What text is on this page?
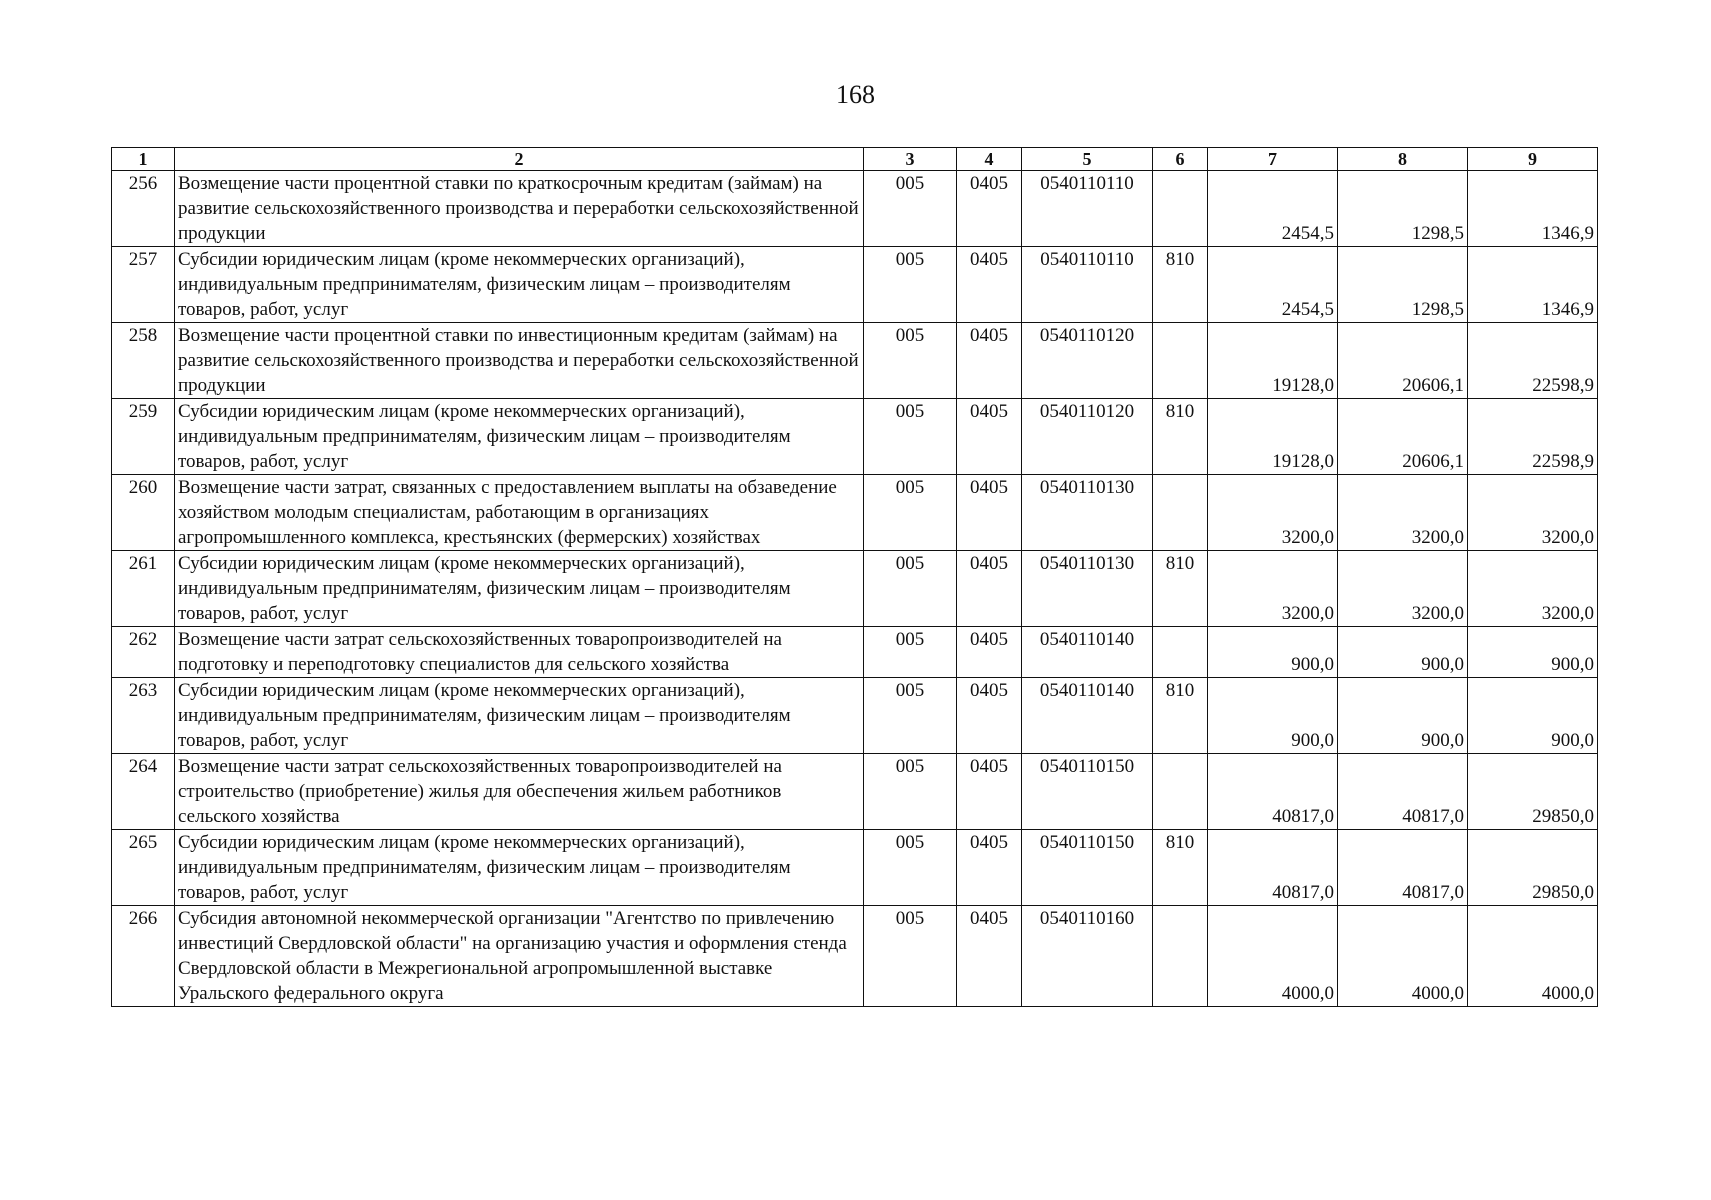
168
1	2	3	4	5	6	7	8	9
256	Возмещение части процентной ставки по краткосрочным кредитам (займам) на развитие сельскохозяйственного производства и переработки сельскохозяйственной продукции	005	0405	0540110110		2454,5	1298,5	1346,9
257	Субсидии юридическим лицам (кроме некоммерческих организаций), индивидуальным предпринимателям, физическим лицам – производителям товаров, работ, услуг	005	0405	0540110110	810	2454,5	1298,5	1346,9
258	Возмещение части процентной ставки по инвестиционным кредитам (займам) на развитие сельскохозяйственного производства и переработки сельскохозяйственной продукции	005	0405	0540110120		19128,0	20606,1	22598,9
259	Субсидии юридическим лицам (кроме некоммерческих организаций), индивидуальным предпринимателям, физическим лицам – производителям товаров, работ, услуг	005	0405	0540110120	810	19128,0	20606,1	22598,9
260	Возмещение части затрат, связанных с предоставлением выплаты на обзаведение хозяйством молодым специалистам, работающим в организациях агропромышленного комплекса, крестьянских (фермерских) хозяйствах	005	0405	0540110130		3200,0	3200,0	3200,0
261	Субсидии юридическим лицам (кроме некоммерческих организаций), индивидуальным предпринимателям, физическим лицам – производителям товаров, работ, услуг	005	0405	0540110130	810	3200,0	3200,0	3200,0
262	Возмещение части затрат сельскохозяйственных товаропроизводителей на подготовку и переподготовку специалистов для сельского хозяйства	005	0405	0540110140		900,0	900,0	900,0
263	Субсидии юридическим лицам (кроме некоммерческих организаций), индивидуальным предпринимателям, физическим лицам – производителям товаров, работ, услуг	005	0405	0540110140	810	900,0	900,0	900,0
264	Возмещение части затрат сельскохозяйственных товаропроизводителей на строительство (приобретение) жилья для обеспечения жильем работников сельского хозяйства	005	0405	0540110150		40817,0	40817,0	29850,0
265	Субсидии юридическим лицам (кроме некоммерческих организаций), индивидуальным предпринимателям, физическим лицам – производителям товаров, работ, услуг	005	0405	0540110150	810	40817,0	40817,0	29850,0
266	Субсидия автономной некоммерческой организации "Агентство по привлечению инвестиций Свердловской области" на организацию участия и оформления стенда Свердловской области в Межрегиональной агропромышленной выставке Уральского федерального округа	005	0405	0540110160		4000,0	4000,0	4000,0
